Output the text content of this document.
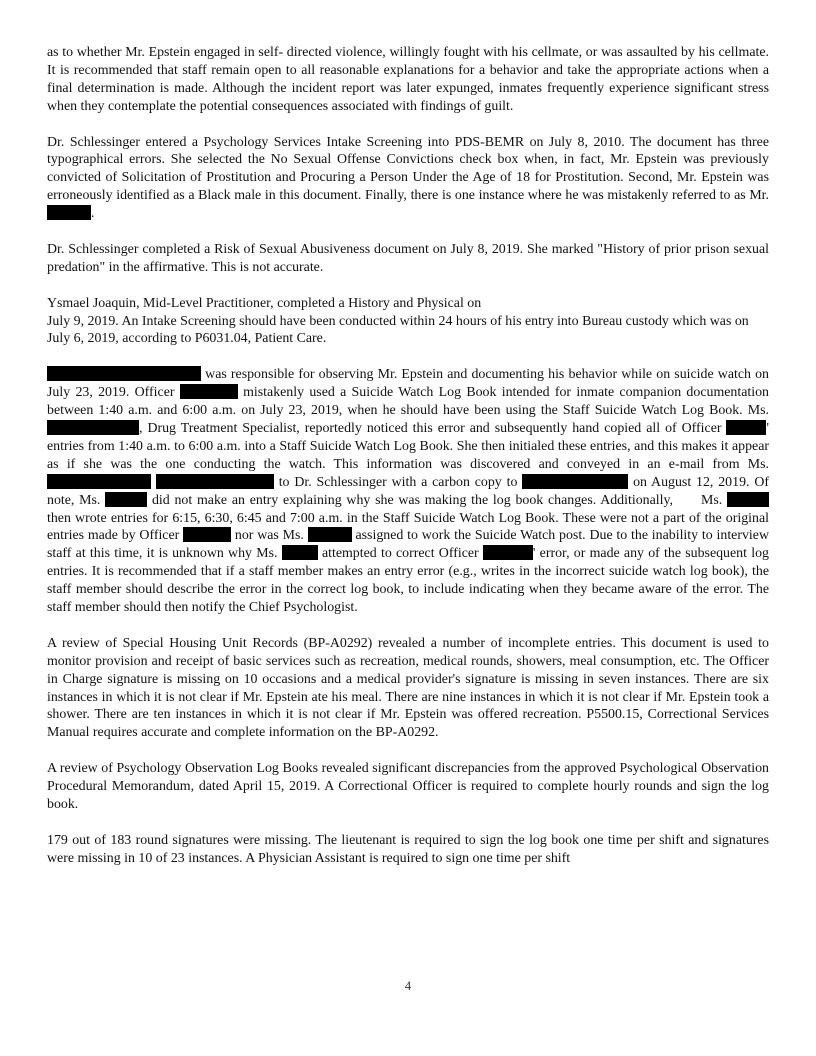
as to whether Mr. Epstein engaged in self- directed violence, willingly fought with his cellmate, or was assaulted by his cellmate. It is recommended that staff remain open to all reasonable explanations for a behavior and take the appropriate actions when a final determination is made. Although the incident report was later expunged, inmates frequently experience significant stress when they contemplate the potential consequences associated with findings of guilt.

Dr. Schlessinger entered a Psychology Services Intake Screening into PDS-BEMR on July 8, 2010. The document has three typographical errors. She selected the No Sexual Offense Convictions check box when, in fact, Mr. Epstein was previously convicted of Solicitation of Prostitution and Procuring a Person Under the Age of 18 for Prostitution. Second, Mr. Epstein was erroneously identified as a Black male in this document. Finally, there is one instance where he was mistakenly referred to as Mr. .

Dr. Schlessinger completed a Risk of Sexual Abusiveness document on July 8, 2019. She marked "History of prior prison sexual predation" in the affirmative. This is not accurate.

Ysmael Joaquin, Mid-Level Practitioner, completed a History and Physical on
July 9, 2019. An Intake Screening should have been conducted within 24 hours of his entry into Bureau custody which was on July 6, 2019, according to P6031.04, Patient Care.

was responsible for observing Mr. Epstein and documenting his behavior while on suicide watch on July 23, 2019. Officer	mistakenly used a Suicide Watch Log Book intended for inmate companion documentation between 1:40 a.m. and 6:00 a.m. on July 23, 2019, when he should have been using the Staff Suicide Watch Log Book. Ms. , Drug Treatment Specialist, reportedly noticed this error and subsequently hand copied all of Officer	' entries from 1:40 a.m. to 6:00 a.m. into a Staff Suicide Watch Log Book. She then initialed these entries, and this makes it appear as if she was the one conducting the watch. This information was discovered and conveyed in an e-mail from Ms.   to Dr. Schlessinger with a carbon copy to	on August 12, 2019. Of note, Ms.	did not make an entry explaining why she was making the log book changes. Additionally, Ms.  then wrote entries for 6:15, 6:30, 6:45 and 7:00 a.m. in the Staff Suicide Watch Log Book. These were not a part of the original entries made by Officer	nor was Ms.	assigned to work the Suicide Watch post. Due to the inability to interview staff at this time, it is unknown why Ms.	attempted to correct Officer	' error, or made any of the subsequent log entries. It is recommended that if a staff member makes an entry error (e.g., writes in the incorrect suicide watch log book), the staff member should describe the error in the correct log book, to include indicating when they became aware of the error. The staff member should then notify the Chief Psychologist.

A review of Special Housing Unit Records (BP-A0292) revealed a number of incomplete entries. This document is used to monitor provision and receipt of basic services such as recreation, medical rounds, showers, meal consumption, etc. The Officer in Charge signature is missing on 10 occasions and a medical provider's signature is missing in seven instances. There are six instances in which it is not clear if Mr. Epstein ate his meal. There are nine instances in which it is not clear if Mr. Epstein took a shower. There are ten instances in which it is not clear if Mr. Epstein was offered recreation. P5500.15, Correctional Services Manual requires accurate and complete information on the BP-A0292.

A review of Psychology Observation Log Books revealed significant discrepancies from the approved Psychological Observation Procedural Memorandum, dated April 15, 2019. A Correctional Officer is required to complete hourly rounds and sign the log book.

179 out of 183 round signatures were missing. The lieutenant is required to sign the log book one time per shift and signatures were missing in 10 of 23 instances. A Physician Assistant is required to sign one time per shift

4
